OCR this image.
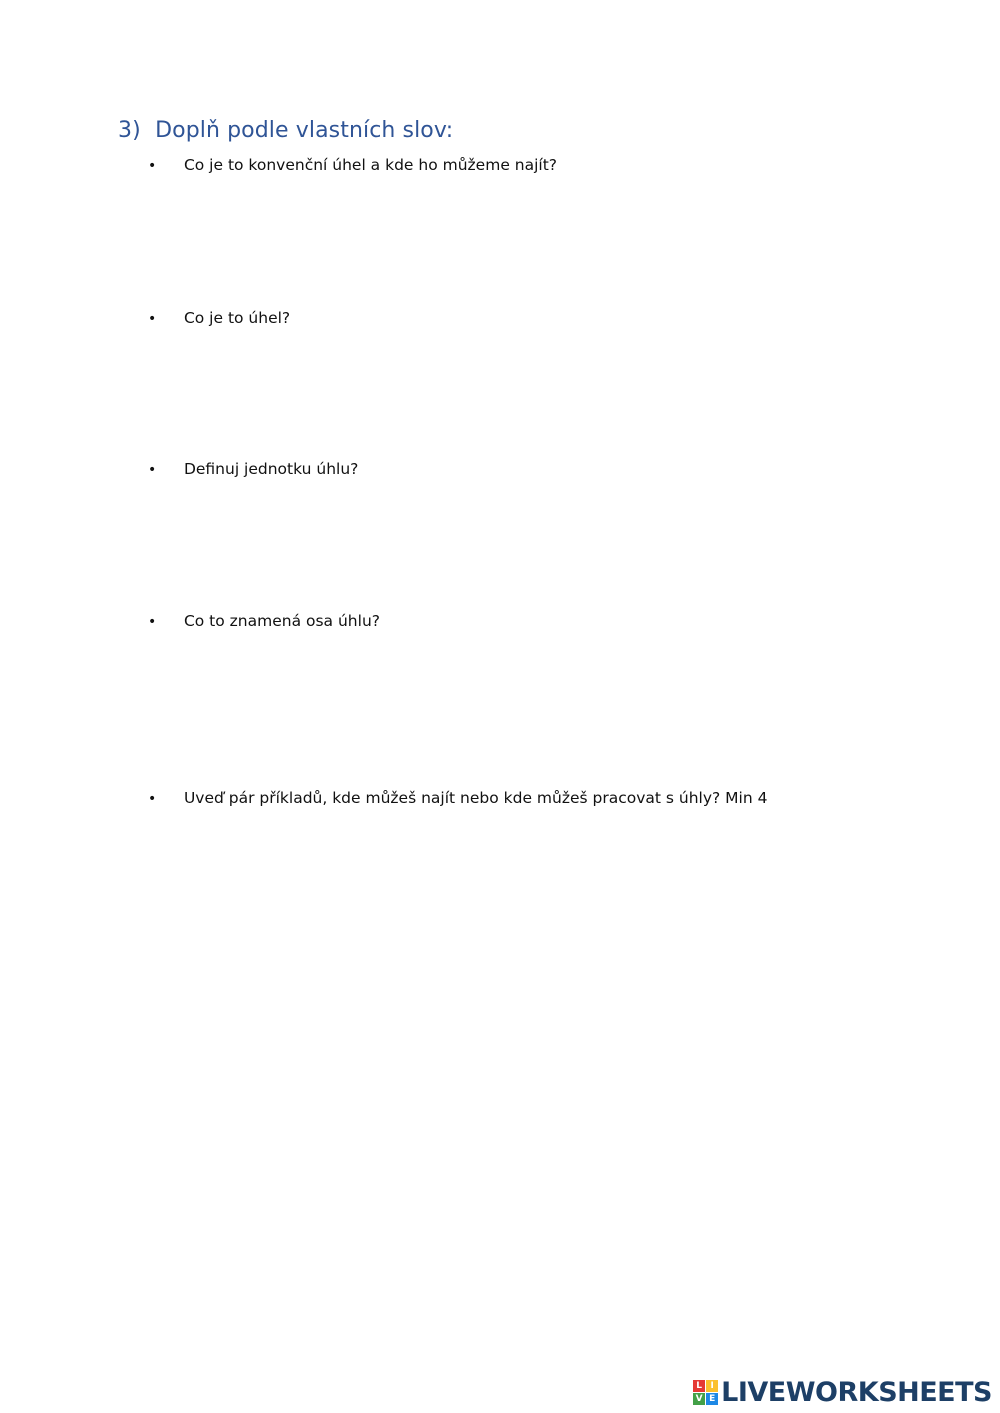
3) Doplň podle vlastních slov:
• Co je to konvenční úhel a kde ho můžeme najít?
• Co je to úhel?
• Definuj jednotku úhlu?
• Co to znamená osa úhlu?
• Uveď pár příkladů, kde můžeš najít nebo kde můžeš pracovat s úhly? Min 4
L I
V E LIVEWORKSHEETS
